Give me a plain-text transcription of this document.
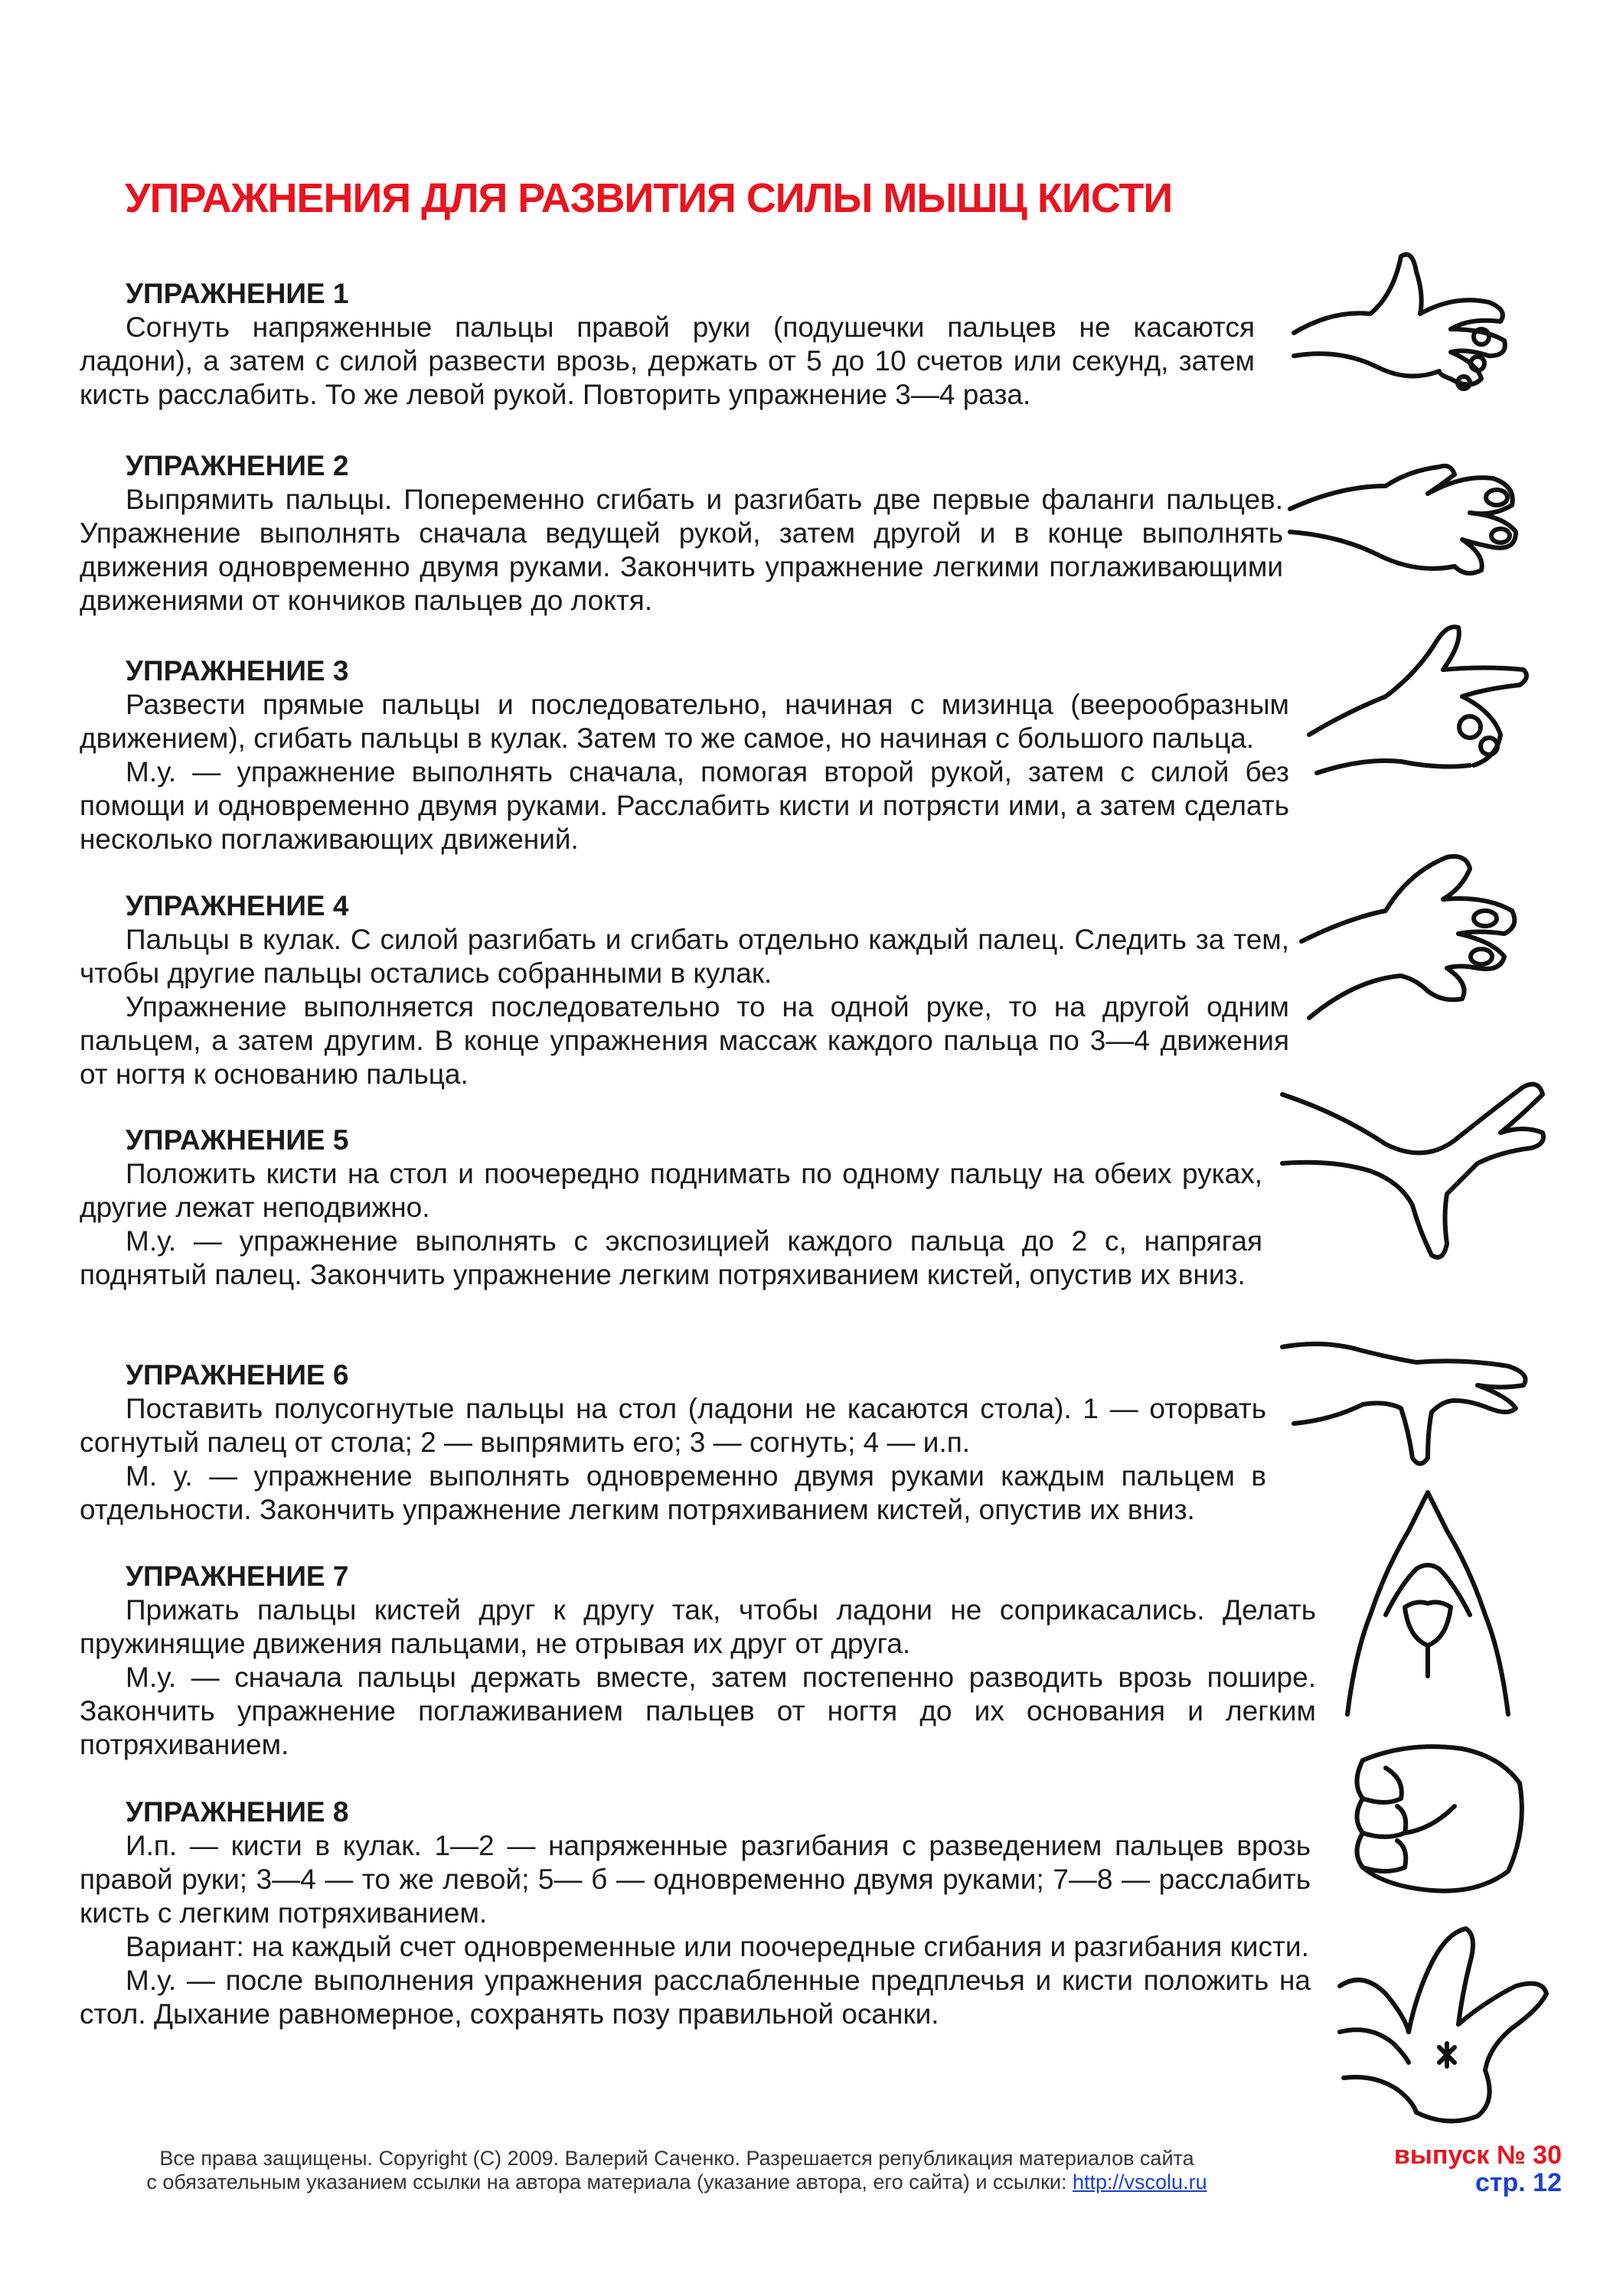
УПРАЖНЕНИЯ ДЛЯ РАЗВИТИЯ СИЛЫ МЫШЦ КИСТИ
УПРАЖНЕНИЕ 1

Согнуть напряженные пальцы правой руки (подушечки пальцев не касаются ладони), а затем с силой развести врозь, держать от 5 до 10 счетов или секунд, затем кисть расслабить. То же левой рукой. Повторить упражнение 3—4 раза.

УПРАЖНЕНИЕ 2

Выпрямить пальцы. Попеременно сгибать и разгибать две первые фаланги пальцев. Упражнение выполнять сначала ведущей рукой, затем другой и в конце выполнять движения одновременно двумя руками. Закончить упражнение легкими поглаживающими движениями от кончиков пальцев до локтя.

УПРАЖНЕНИЕ 3

Развести прямые пальцы и последовательно, начиная с мизинца (веерообразным движением), сгибать пальцы в кулак. Затем то же самое, но начиная с большого пальца.

М.у. — упражнение выполнять сначала, помогая второй рукой, затем с силой без помощи и одновременно двумя руками. Расслабить кисти и потрясти ими, а затем сделать несколько поглаживающих движений.

УПРАЖНЕНИЕ 4

Пальцы в кулак. С силой разгибать и сгибать отдельно каждый палец. Следить за тем, чтобы другие пальцы остались собранными в кулак.

Упражнение выполняется последовательно то на одной руке, то на другой одним пальцем, а затем другим. В конце упражнения массаж каждого пальца по 3—4 движения от ногтя к основанию пальца.

УПРАЖНЕНИЕ 5

Положить кисти на стол и поочередно поднимать по одному пальцу на обеих руках, другие лежат неподвижно.

М.у. — упражнение выполнять с экспозицией каждого пальца до 2 с, напрягая поднятый палец. Закончить упражнение легким потряхиванием кистей, опустив их вниз.

УПРАЖНЕНИЕ 6

Поставить полусогнутые пальцы на стол (ладони не касаются стола). 1 — оторвать согнутый палец от стола; 2 — выпрямить его; 3 — согнуть; 4 — и.п.

М. у. — упражнение выполнять одновременно двумя руками каждым пальцем в отдельности. Закончить упражнение легким потряхиванием кистей, опустив их вниз.

УПРАЖНЕНИЕ 7

Прижать пальцы кистей друг к другу так, чтобы ладони не соприкасались. Делать пружинящие движения пальцами, не отрывая их друг от друга.

М.у. — сначала пальцы держать вместе, затем постепенно разводить врозь пошире. Закончить упражнение поглаживанием пальцев от ногтя до их основания и легким потряхиванием.

УПРАЖНЕНИЕ 8

И.п. — кисти в кулак. 1—2 — напряженные разгибания с разведением пальцев врозь правой руки; 3—4 — то же левой; 5— б — одновременно двумя руками; 7—8 — расслабить кисть с легким потряхиванием.

Вариант: на каждый счет одновременные или поочередные сгибания и разгибания кисти.

М.у. — после выполнения упражнения расслабленные предплечья и кисти положить на стол. Дыхание равномерное, сохранять позу правильной осанки.

Все права защищены. Copyright (C) 2009. Валерий Саченко. Разрешается републикация материалов сайта
с обязательным указанием ссылки на автора материала (указание автора, его сайта) и ссылки: http://vscolu.ru
выпуск № 30
стр. 12
